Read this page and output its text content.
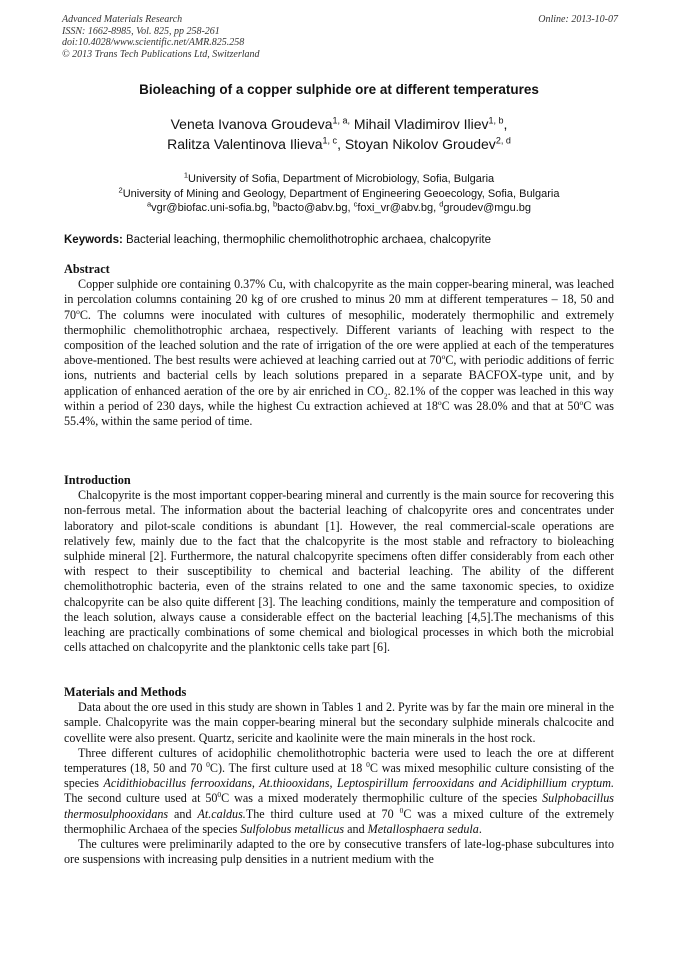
Advanced Materials Research
ISSN: 1662-8985, Vol. 825, pp 258-261
doi:10.4028/www.scientific.net/AMR.825.258
© 2013 Trans Tech Publications Ltd, Switzerland
Online: 2013-10-07
Bioleaching of a copper sulphide ore at different temperatures
Veneta Ivanova Groudeva$^{1, a,}$ Mihail Vladimirov Iliev$^{1, b}$,
Ralitza Valentinova Ilieva$^{1, c}$, Stoyan Nikolov Groudev$^{2, d}$
$^1$University of Sofia, Department of Microbiology, Sofia, Bulgaria
$^2$University of Mining and Geology, Department of Engineering Geoecology, Sofia, Bulgaria
$^a$vgr@biofac.uni-sofia.bg, $^b$bacto@abv.bg, $^c$foxi_vr@abv.bg, $^d$groudev@mgu.bg
Keywords: Bacterial leaching, thermophilic chemolithotrophic archaea, chalcopyrite
Abstract

Copper sulphide ore containing 0.37% Cu, with chalcopyrite as the main copper-bearing mineral, was leached in percolation columns containing 20 kg of ore crushed to minus 20 mm at different temperatures – 18, 50 and 70$^o$C. The columns were inoculated with cultures of mesophilic, moderately thermophilic and extremely thermophilic chemolithotrophic archaea, respectively. Different variants of leaching with respect to the composition of the leached solution and the rate of irrigation of the ore were applied at each of the temperatures above-mentioned. The best results were achieved at leaching carried out at 70$^o$C, with periodic additions of ferric ions, nutrients and bacterial cells by leach solutions prepared in a separate BACFOX-type unit, and by application of enhanced aeration of the ore by air enriched in $CO_2$. 82.1% of the copper was leached in this way within a period of 230 days, while the highest Cu extraction achieved at 18$^o$C was 28.0% and that at 50$^o$C was 55.4%, within the same period of time.

Introduction

Chalcopyrite is the most important copper-bearing mineral and currently is the main source for recovering this non-ferrous metal. The information about the bacterial leaching of chalcopyrite ores and concentrates under laboratory and pilot-scale conditions is abundant [1]. However, the real commercial-scale operations are relatively few, mainly due to the fact that the chalcopyrite is the most stable and refractory to bioleaching sulphide mineral [2]. Furthermore, the natural chalcopyrite specimens often differ considerably from each other with respect to their susceptibility to chemical and bacterial leaching. The ability of the different chemolithotrophic bacteria, even of the strains related to one and the same taxonomic species, to oxidize chalcopyrite can be also quite different [3]. The leaching conditions, mainly the temperature and composition of the leach solution, always cause a considerable effect on the bacterial leaching [4,5].The mechanisms of this leaching are practically combinations of some chemical and biological processes in which both the microbial cells attached on chalcopyrite and the planktonic cells take part [6].

Materials and Methods

Data about the ore used in this study are shown in Tables 1 and 2. Pyrite was by far the main ore mineral in the sample. Chalcopyrite was the main copper-bearing mineral but the secondary sulphide minerals chalcocite and covellite were also present. Quartz, sericite and kaolinite were the main minerals in the host rock.

Three different cultures of acidophilic chemolithotrophic bacteria were used to leach the ore at different temperatures (18, 50 and 70 $^0$C). The first culture used at 18 $^0$C was mixed mesophilic culture consisting of the species Acidithiobacillus ferrooxidans, At.thiooxidans, Leptospirillum ferrooxidans and Acidiphillium cryptum. The second culture used at $50^0C$ was a mixed moderately thermophilic culture of the species Sulphobacillus thermosulphooxidans and At.caldus.The third culture used at 70 $^0$C was a mixed culture of the extremely thermophilic Archaea of the species Sulfolobus metallicus and Metallosphaera sedula.

The cultures were preliminarily adapted to the ore by consecutive transfers of late-log-phase subcultures into ore suspensions with increasing pulp densities in a nutrient medium with the
